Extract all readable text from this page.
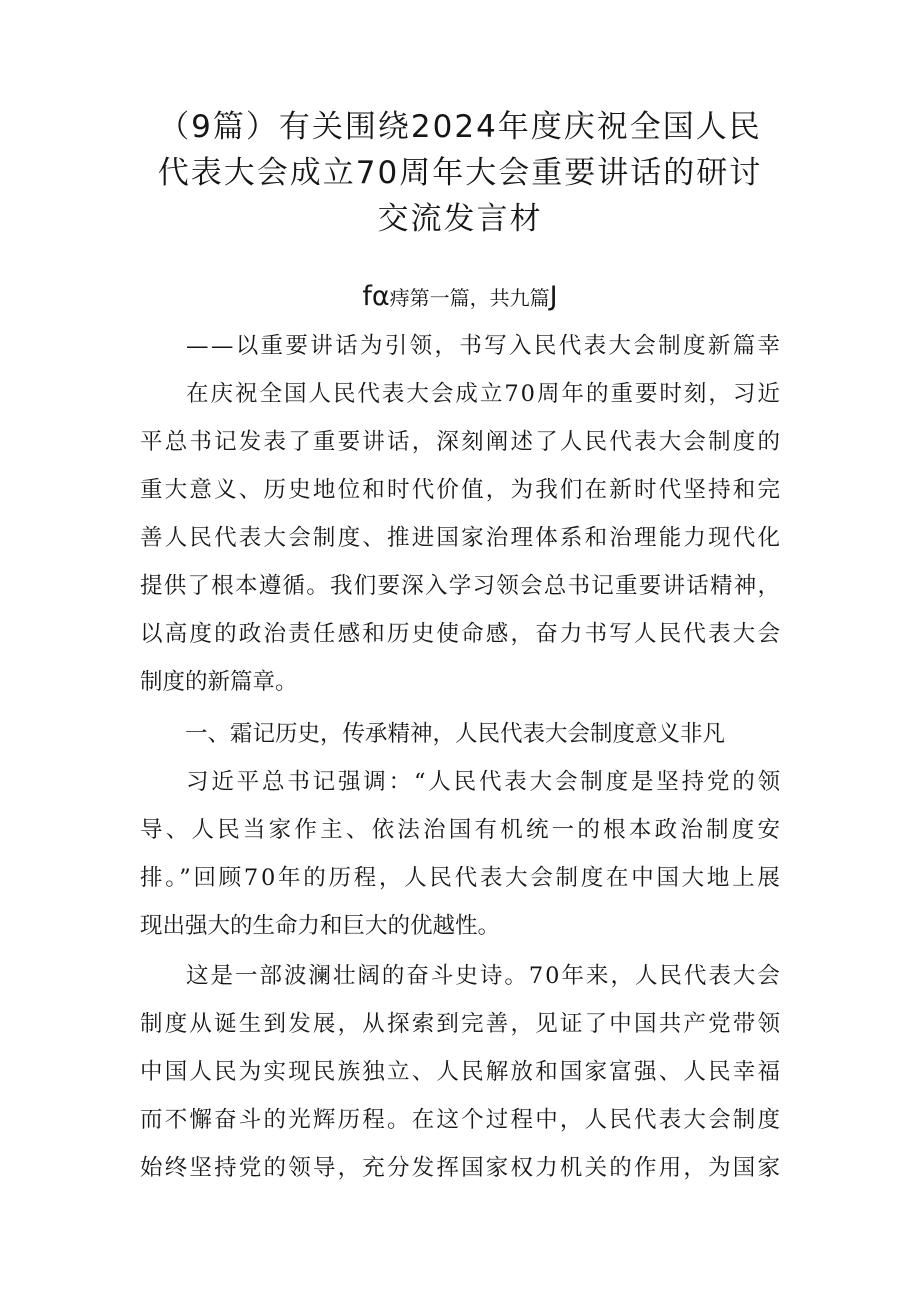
（9篇）有关围绕2024年度庆祝全国人民
代表大会成立70周年大会重要讲话的研讨
交流发言材
fα痔第一篇，共九篇J
——以重要讲话为引领，书写入民代表大会制度新篇幸
在庆祝全国人民代表大会成立70周年的重要时刻，习近
平总书记发表了重要讲话，深刻阐述了人民代表大会制度的
重大意义、历史地位和时代价值，为我们在新时代坚持和完
善人民代表大会制度、推进国家治理体系和治理能力现代化
提供了根本遵循。我们要深入学习领会总书记重要讲话精神，
以高度的政治责任感和历史使命感，奋力书写人民代表大会
制度的新篇章。
一、霜记历史，传承精神，人民代表大会制度意义非凡
习近平总书记强调：“人民代表大会制度是坚持党的领
导、人民当家作主、依法治国有机统一的根本政治制度安
排。”回顾70年的历程，人民代表大会制度在中国大地上展
现出强大的生命力和巨大的优越性。
这是一部波澜壮阔的奋斗史诗。70年来，人民代表大会
制度从诞生到发展，从探索到完善，见证了中国共产党带领
中国人民为实现民族独立、人民解放和国家富强、人民幸福
而不懈奋斗的光辉历程。在这个过程中，人民代表大会制度
始终坚持党的领导，充分发挥国家权力机关的作用，为国家
